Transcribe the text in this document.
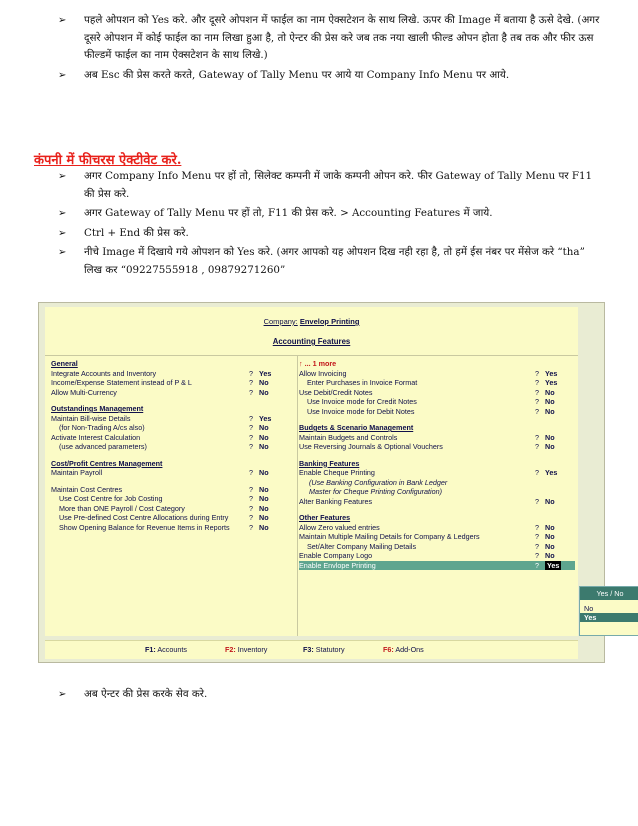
➢ पहले ओपशन को Yes करे. और दूसरे ओपशन में फाईल का नाम ऐक्सटेशन के साथ लिखे. ऊपर की Image में बताया है ऊसे देखे. (अगर दूसरे ओपशन में कोई फाईल का नाम लिखा हुआ है, तो ऐन्टर की प्रेस करे जब तक नया खाली फील्ड ओपन होता है तब तक और फीर ऊस फील्डमें फाईल का नाम ऐक्सटेशन के साथ लिखे.)
➢ अब Esc की प्रेस करते करते, Gateway of Tally Menu पर आये या Company Info Menu पर आये.
कंपनी में फीचरस ऐक्टीवेट करे.
➢ अगर Company Info Menu पर हों तो, सिलेक्ट कम्पनी में जाके कम्पनी ओपन करे. फीर Gateway of Tally Menu पर F11 की प्रेस करे.
➢ अगर Gateway of Tally Menu पर हों तो, F11 की प्रेस करे. > Accounting Features में जाये.
➢ Ctrl + End की प्रेस करे.
➢ नीचे Image में दिखाये गये ओपशन को Yes करे. (अगर आपको यह ओपशन दिख नही रहा है, तो हमें ईस नंबर पर मेंसेज करे “tha” लिख कर “09227555918 , 09879271260”
Company: Envelop Printing
Accounting Features
General
Integrate Accounts and Inventory	? Yes
Income/Expense Statement instead of P & L	? No
Allow Multi-Currency	? No
Outstandings Management
Maintain Bill-wise Details	? Yes
(for Non-Trading A/cs also)	? No
Activate Interest Calculation	? No
(use advanced parameters)	? No
Cost/Profit Centres Management
Maintain Payroll	? No
Maintain Cost Centres	? No
Use Cost Centre for Job Costing	? No
More than ONE Payroll / Cost Category	? No
Use Pre-defined Cost Centre Allocations during Entry	? No
Show Opening Balance for Revenue Items in Reports	? No
↑ ... 1 more
Allow Invoicing	? Yes
Enter Purchases in Invoice Format	? Yes
Use Debit/Credit Notes	? No
Use Invoice mode for Credit Notes	? No
Use Invoice mode for Debit Notes	? No
Budgets & Scenario Management
Maintain Budgets and Controls	? No
Use Reversing Journals & Optional Vouchers	? No
Banking Features
Enable Cheque Printing	? Yes
(Use Banking Configuration in Bank Ledger
Master for Cheque Printing Configuration)
Alter Banking Features	? No
Other Features
Allow Zero valued entries	? No
Maintain Multiple Mailing Details for Company & Ledgers	? No
Set/Alter Company Mailing Details	? No
Enable Company Logo	? No
Enable Envlope Printing	? Yes
F1: Accounts	F2: Inventory	F3: Statutory	F6: Add-Ons
Yes / No
No
Yes
➢ अब ऐन्टर की प्रेस करके सेव करे.
